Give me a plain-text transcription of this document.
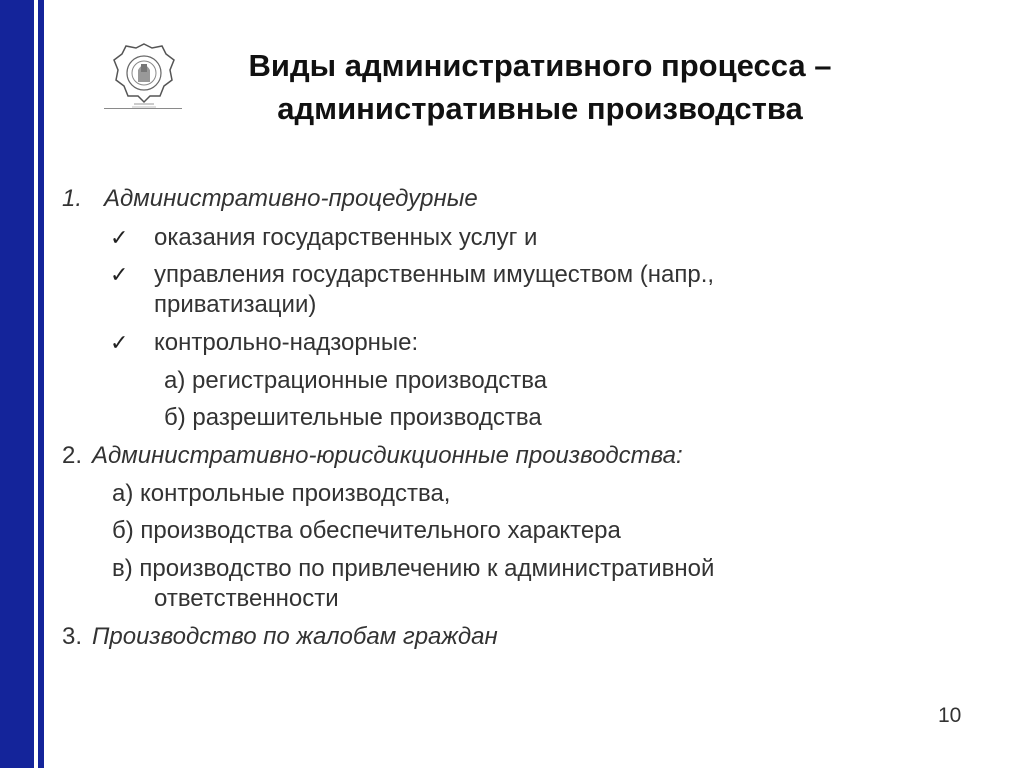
Виды административного процесса –
административные производства
1. Административно-процедурные
✓ оказания государственных услуг и
✓ управления государственным имуществом (напр.,
приватизации)
✓ контрольно-надзорные:
а) регистрационные производства
б) разрешительные производства
2. Административно-юрисдикционные производства:
а) контрольные производства,
б) производства обеспечительного характера
в) производство по привлечению к административной
ответственности
3. Производство по жалобам граждан
10
